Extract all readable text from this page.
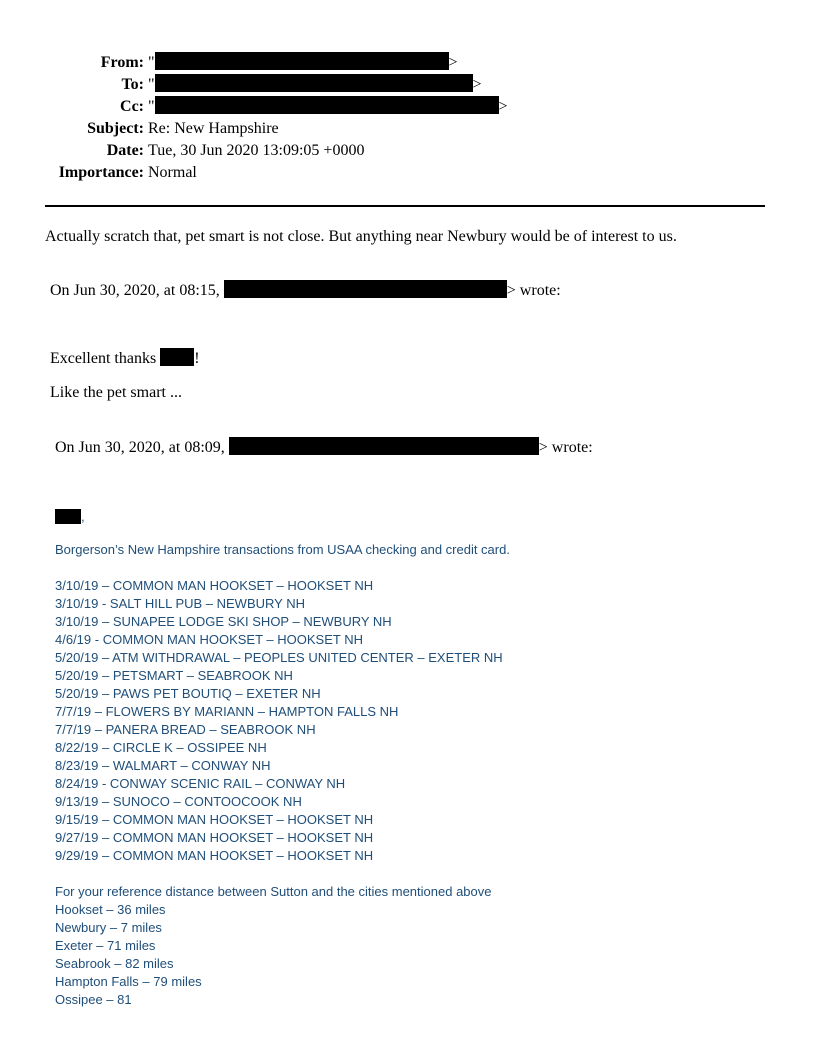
From: "	>
To: "	>
Cc: "	>
Subject: Re: New Hampshire
Date: Tue, 30 Jun 2020 13:09:05 +0000
Importance: Normal
Actually scratch that, pet smart is not close. But anything near Newbury would be of interest to us.
On Jun 30, 2020, at 08:15,	> wrote:
Excellent thanks !
Like the pet smart ...
On Jun 30, 2020, at 08:09,	> wrote:
,
Borgerson’s New Hampshire transactions from USAA checking and credit card.
3/10/19 – COMMON MAN HOOKSET – HOOKSET NH
3/10/19 - SALT HILL PUB – NEWBURY NH
3/10/19 – SUNAPEE LODGE SKI SHOP – NEWBURY NH
4/6/19 - COMMON MAN HOOKSET – HOOKSET NH
5/20/19 – ATM WITHDRAWAL – PEOPLES UNITED CENTER – EXETER NH
5/20/19 – PETSMART – SEABROOK NH
5/20/19 – PAWS PET BOUTIQ – EXETER NH
7/7/19 – FLOWERS BY MARIANN – HAMPTON FALLS NH
7/7/19 – PANERA BREAD – SEABROOK NH
8/22/19 – CIRCLE K – OSSIPEE NH
8/23/19 – WALMART – CONWAY NH
8/24/19 - CONWAY SCENIC RAIL – CONWAY NH
9/13/19 – SUNOCO – CONTOOCOOK NH
9/15/19 – COMMON MAN HOOKSET – HOOKSET NH
9/27/19 – COMMON MAN HOOKSET – HOOKSET NH
9/29/19 – COMMON MAN HOOKSET – HOOKSET NH
For your reference distance between Sutton and the cities mentioned above
Hookset – 36 miles
Newbury – 7 miles
Exeter – 71 miles
Seabrook – 82 miles
Hampton Falls – 79 miles
Ossipee – 81
